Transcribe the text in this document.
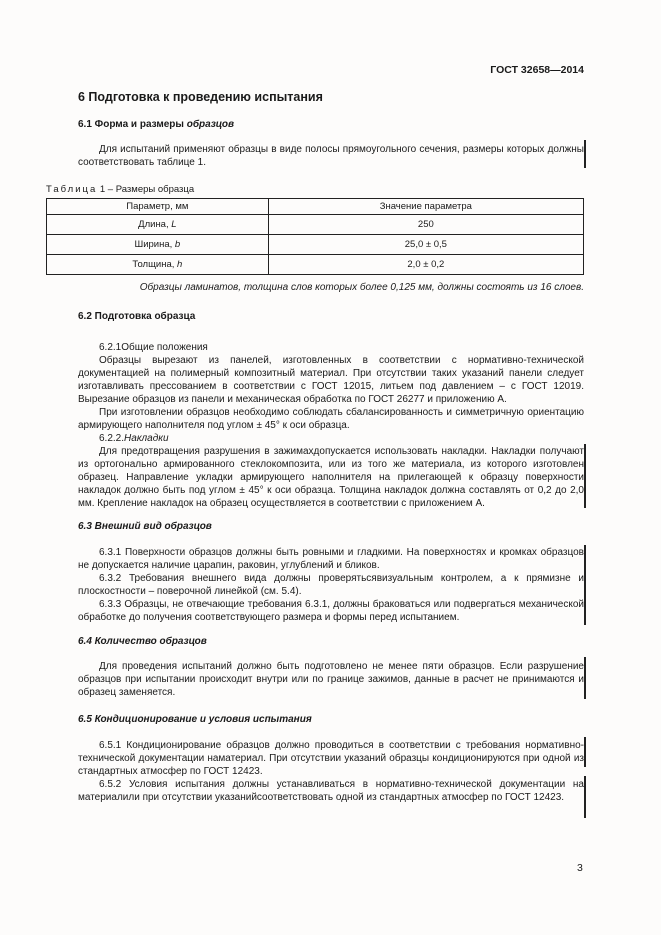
ГОСТ 32658—2014
6 Подготовка к проведению испытания
6.1 Форма и размеры образцов
Для испытаний применяют образцы в виде полосы прямоугольного сечения, размеры которых должны соответствовать таблице 1.
Таблица 1 – Размеры образца
Параметр, мм	Значение параметра
Длина, L	250
Ширина, b	25,0 ± 0,5
Толщина, h	2,0 ± 0,2
Образцы ламинатов, толщина слов которых более 0,125 мм, должны состоять из 16 слоев.
6.2 Подготовка образца

6.2.1Общие положения

Образцы вырезают из панелей, изготовленных в соответствии с нормативно-технической документацией на полимерный композитный материал. При отсутствии таких указаний панели следует изготавливать прессованием в соответствии с ГОСТ 12015, литьем под давлением – с ГОСТ 12019. Вырезание образцов из панели и механическая обработка по ГОСТ 26277 и приложению А.

При изготовлении образцов необходимо соблюдать сбалансированность и симметричную ориентацию армирующего наполнителя под углом ± 45° к оси образца.

6.2.2.Накладки

Для предотвращения разрушения в зажимахдопускается использовать накладки. Накладки получают из ортогонально армированного стеклокомпозита, или из того же материала, из которого изготовлен образец. Направление укладки армирующего наполнителя на прилегающей к образцу поверхности накладок должно быть под углом ± 45° к оси образца. Толщина накладок должна составлять от 0,2 до 2,0 мм. Крепление накладок на образец осуществляется в соответствии с приложением А.

6.3 Внешний вид образцов

6.3.1 Поверхности образцов должны быть ровными и гладкими. На поверхностях и кромках образцов не допускается наличие царапин, раковин, углублений и бликов.

6.3.2 Требования внешнего вида должны проверятьсявизуальным контролем, а к прямизне и плоскостности – поверочной линейкой (см. 5.4).

6.3.3 Образцы, не отвечающие требования 6.3.1, должны браковаться или подвергаться механической обработке до получения соответствующего размера и формы перед испытанием.

6.4 Количество образцов
Для проведения испытаний должно быть подготовлено не менее пяти образцов. Если разрушение образцов при испытании происходит внутри или по границе зажимов, данные в расчет не принимаются и образец заменяется.
6.5 Кондиционирование и условия испытания

6.5.1 Кондиционирование образцов должно проводиться в соответствии с требования нормативно-технической документации наматериал. При отсутствии указаний образцы кондиционируются при одной из стандартных атмосфер по ГОСТ 12423.

6.5.2 Условия испытания должны устанавливаться в нормативно-технической документации на материалили при отсутствии указанийсоответствовать одной из стандартных атмосфер по ГОСТ 12423.

3
